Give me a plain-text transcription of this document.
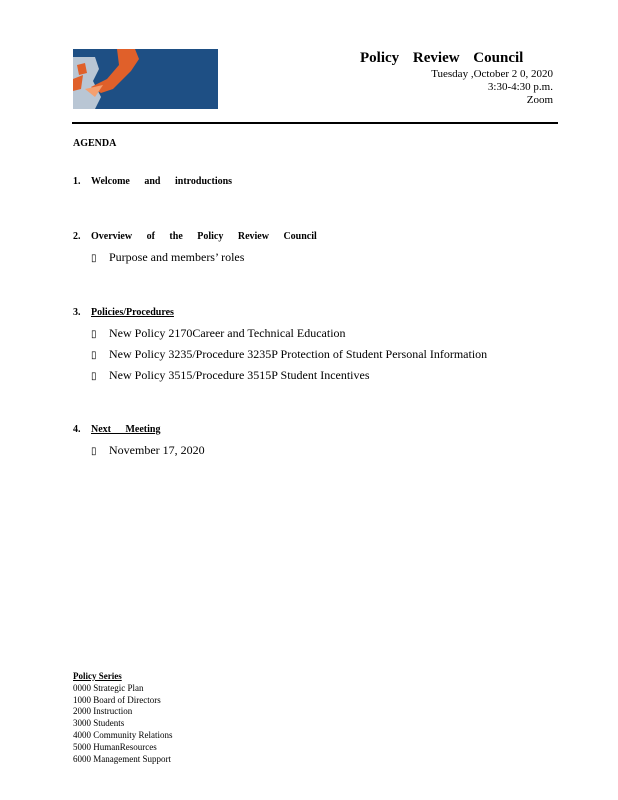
Policy Review Council
Tuesday ,October 2 0, 2020
3:30-4:30 p.m.
Zoom
AGENDA
1. Welcome and introductions
2. Overview of the Policy Review Council
▯ Purpose and members’ roles
3. Policies/Procedures
▯ New Policy 2170Career and Technical Education
▯ New Policy 3235/Procedure 3235P Protection of Student Personal Information
▯ New Policy 3515/Procedure 3515P Student Incentives
4. Next Meeting
▯ November 17, 2020
Policy Series
0000 Strategic Plan
1000 Board of Directors
2000 Instruction
3000 Students
4000 Community Relations
5000 HumanResources
6000 Management Support
